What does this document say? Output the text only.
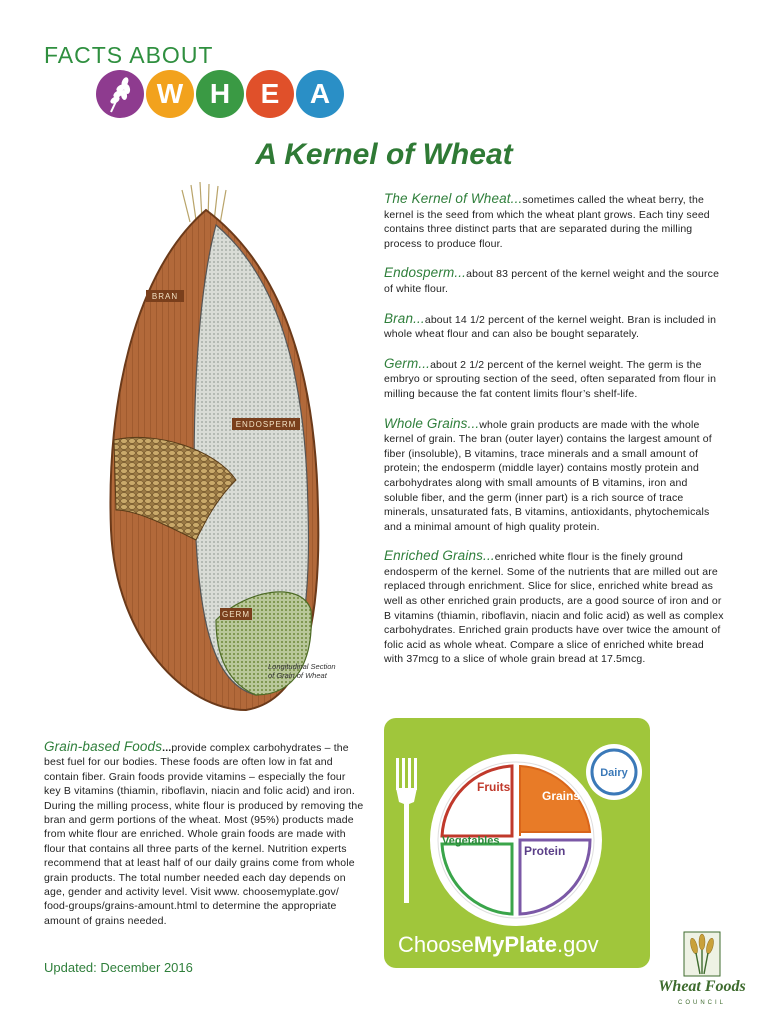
FACTS ABOUT
W H E A T
A Kernel of Wheat
BRAN
ENDOSPERM
GERM
Longitudinal Section
of Grain of Wheat

The Kernel of Wheat...sometimes called the wheat berry, the kernel is the seed from which the wheat plant grows. Each tiny seed contains three distinct parts that are separated during the milling process to produce flour.

Endosperm...about 83 percent of the kernel weight and the source of white flour.

Bran...about 14 1/2 percent of the kernel weight. Bran is included in whole wheat flour and can also be bought separately.

Germ...about 2 1/2 percent of the kernel weight. The germ is the embryo or sprouting section of the seed, often separated from flour in milling because the fat content limits flour’s shelf-life.

Whole Grains...whole grain products are made with the whole kernel of grain. The bran (outer layer) contains the largest amount of fiber (insoluble), B vitamins, trace minerals and a small amount of protein; the endosperm (middle layer) contains mostly protein and carbohydrates along with small amounts of B vitamins, iron and soluble fiber, and the germ (inner part) is a rich source of trace minerals, unsaturated fats, B vitamins, antioxidants, phytochemicals and a minimal amount of high quality protein.

Enriched Grains...enriched white flour is the finely ground endosperm of the kernel. Some of the nutrients that are milled out are replaced through enrichment. Slice for slice, enriched white bread as well as other enriched grain products, are a good source of iron and or B vitamins (thiamin, riboflavin, niacin and folic acid) as well as complex carbohydrates. Enriched grain products have over twice the amount of folic acid as whole wheat. Compare a slice of enriched white bread with 37mcg to a slice of whole grain bread at 17.5mcg.

Grain-based Foods...provide complex carbohydrates – the best fuel for our bodies. These foods are often low in fat and contain fiber. Grain foods provide vitamins – especially the four key B vitamins (thiamin, riboflavin, niacin and folic acid) and iron. During the milling process, white flour is produced by removing the bran and germ portions of the wheat. Most (95%) products made from white flour are enriched. Whole grain foods are made with flour that contains all three parts of the kernel. Nutrition experts recommend that at least half of our daily grains come from whole grain products. The total number needed each day depends on age, gender and activity level. Visit www. choosemyplate.gov/ food-groups/grains-amount.html to determine the appropriate amount of grains needed.
Updated: December 2016
Fruits
Grains
Vegetables
Protein
Dairy
ChooseMyPlate.gov
Wheat Foods
COUNCIL
